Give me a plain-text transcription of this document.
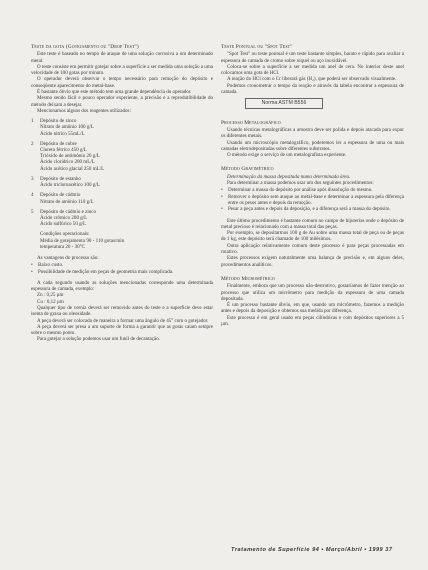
Teste da gota (Gotejamento ou "Drop Test")

Este teste é baseado no tempo de ataque de uma solução corrosiva a um determinado metal.

O teste consiste em permitir gotejar sobre a superfície a ser medida uma solução a uma velocidade de 100 gotas por minuto.

O operador deverá observar o tempo necessário para remoção do depósito e conseqüente aparecimento do metal-base.

É bastante óbvio que este método tem uma grande dependência do operador.

Mesmo sendo fácil e pouco operador experiente, a precisão e a reprodutibilidade do método deixam a desejar.

Mencionamos alguns dos reagentes utilizados:

1	Depósito de zinco
Nitrato de amônio 100 g/L
Ácido nítrico 55mL/L
2	Depósito de cobre
Cloreto férrico 450 g/L
Trióxido de antimônio 20 g/L
Ácido clorídrico 200 mL/L
Ácido acético glacial 250 mL/L
3	Depósito de estanho
Ácido tricloroacético 100 g/L
4	Depósito de cádmio
Nitrato de amônio 110 g/L
5	Depósito de cádmio e zinco
Ácido crômico 200 g/L
Ácido sulfúrico 50 g/L
Condições operacionais:
Média de gotejamento 90 - 110 gotas/min
temperatura 20 - 30°C

As vantagens do processo são:

• Baixo custo.
• Possibilidade de medição em peças de geometria mais complicada.

A cada segundo usando as soluções mencionadas corresponde uma determinada espessura de camada, exemplo:

Zn : 0,25 µm

Cu : 0,12 µm

Qualquer tipo de verniz deverá ser removido antes do teste e a superfície deve estar isenta de graxa ou oleosidade.

A peça deverá ser colocada de maneira a formar uma ângulo de 45° com o gotejador.

A peça deverá ser presa a um suporte de forma a garantir que as gotas caiam sempre sobre o mesmo ponto.

Para gotejar a solução podemos usar um funil de decantação.

Teste Pontual ou "Spot Test"

"Spot Test" ou teste pontual é um teste bastante simples, barato e rápido para avaliar a espessura de camada de cromo sobre níquel ou aço inoxidável.

Coloca-se sobre a superfície a ser medida um anel de cera. No interior deste anel colocamos uma gota de HCl.

A reação do HCl com o Cr liberará gás (H₂), que poderá ser observado visualmente.

Podemos cronometrar o tempo da reação e através da tabela encontrar a espessura de camada.

Norma ASTM B556
Processo Metalográfico

Usando técnicas metalográficas a amostra deve ser polida e depois atacada para expor os diferentes metais.

Usando um microscópio metalográfico, poderemos ler a espessura de uma ou mais camadas eletrodepositadas sobre diferentes substratos.

O método exige o serviço de um metalografista experiente.

Método Gravimétrico

Determinação da massa depositada numa determinada área.

Para determinar a massa podemos usar um dos seguintes procedimentos:

• Determinar a massa do depósito por análise após dissolução do mesmo.
• Remover o depósito sem ataque ao metal-base e determinar a espessura pela diferença entre os pesos antes e depois da remoção.
• Pesar a peça antes e depois da deposição, e a diferença será a massa do depósito.

Este último procedimento é bastante comum no campo de bijuterias onde o depósito de metal precioso é relacionado com a massa total das peças.

Por exemplo, se depositarmos 100 g de Au sobre uma massa total de peça ou de peças de 1 kg, este depósito será chamado de 100 milésimos.

Outra aplicação relativamente comum deste processo é para peças processadas em rotativo.

Estes processos exigem naturalmente uma balança de precisão e, em alguns deles, procedimentos analíticos.

Método Micrométrico

Finalmente, embora que um processo não-destrutivo, gostaríamos de fazer menção ao processo que utiliza um micrômetro para medição da espessura de uma camada depositada.

É um processo bastante óbvio, em que, usando um micrômetro, fazemos a medição antes e depois da deposição e obtemos sua medida por diferença.

Este processo é em geral usado em peças cilíndricas e com depósitos superiores a 5 µm.

Tratamento de Superfície 94 • Março/Abril • 1999 37
